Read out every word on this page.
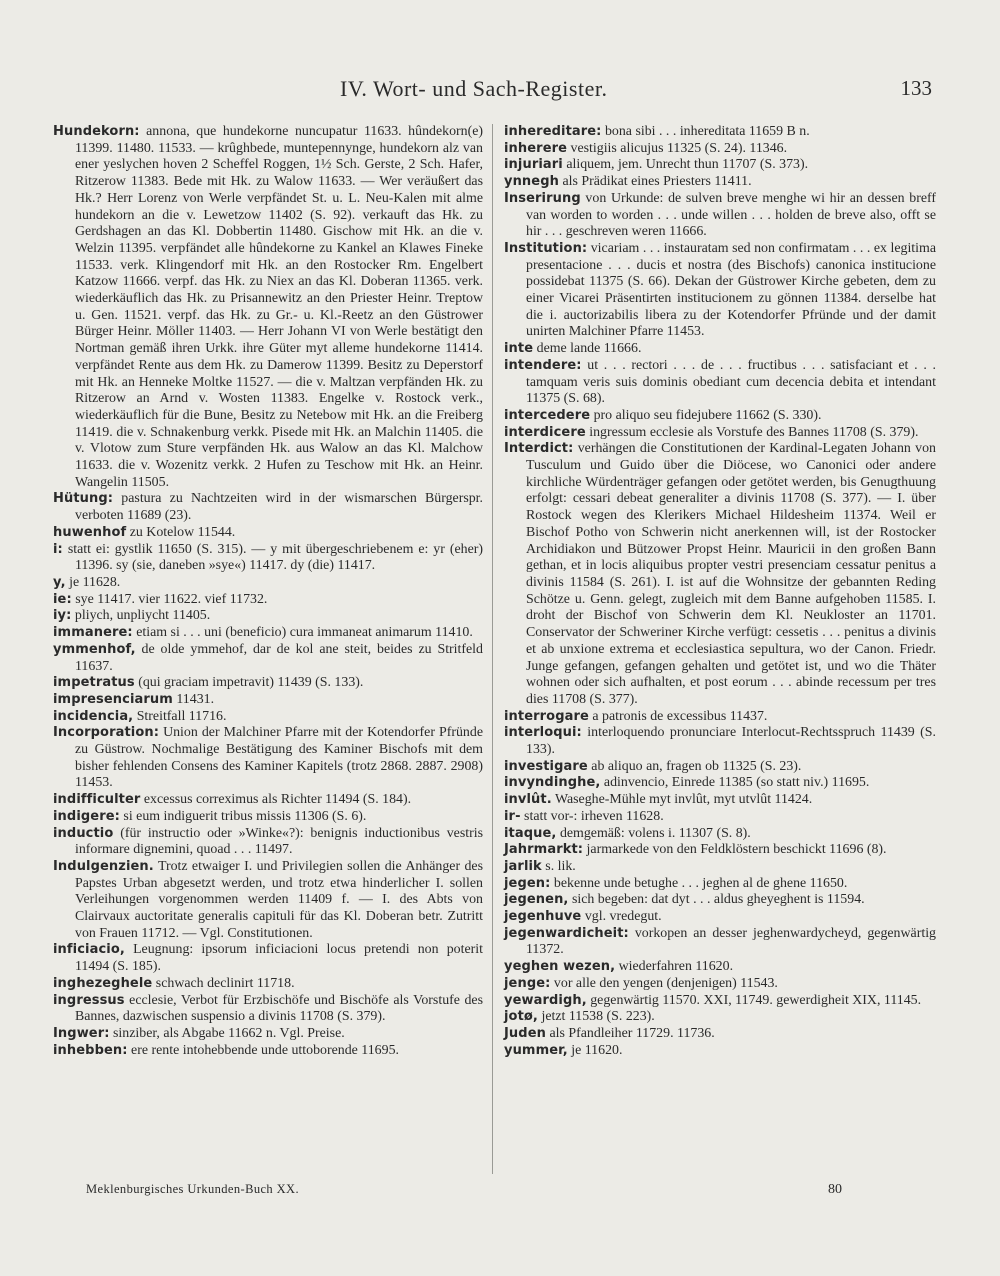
IV. Wort- und Sach-Register.	133

Hundekorn: annona, que hundekorne nuncupatur 11633. hûndekorn(e) 11399. 11480. 11533. — krûghbede, muntepennynge, hundekorn alz van ener yeslychen hoven 2 Scheffel Roggen, 1½ Sch. Gerste, 2 Sch. Hafer, Ritzerow 11383. Bede mit Hk. zu Walow 11633. — Wer veräußert das Hk.? Herr Lorenz von Werle verpfändet St. u. L. Neu-Kalen mit alme hundekorn an die v. Lewetzow 11402 (S. 92). verkauft das Hk. zu Gerdshagen an das Kl. Dobbertin 11480. Gischow mit Hk. an die v. Welzin 11395. verpfändet alle hûndekorne zu Kankel an Klawes Fineke 11533. verk. Klingendorf mit Hk. an den Rostocker Rm. Engelbert Katzow 11666. verpf. das Hk. zu Niex an das Kl. Doberan 11365. verk. wiederkäuflich das Hk. zu Prisannewitz an den Priester Heinr. Treptow u. Gen. 11521. verpf. das Hk. zu Gr.- u. Kl.-Reetz an den Güstrower Bürger Heinr. Möller 11403. — Herr Johann VI von Werle bestätigt den Nortman gemäß ihren Urkk. ihre Güter myt alleme hundekorne 11414. verpfändet Rente aus dem Hk. zu Damerow 11399. Besitz zu Deperstorf mit Hk. an Henneke Moltke 11527. — die v. Maltzan verpfänden Hk. zu Ritzerow an Arnd v. Wosten 11383. Engelke v. Rostock verk., wiederkäuflich für die Bune, Besitz zu Netebow mit Hk. an die Freiberg 11419. die v. Schnakenburg verkk. Pisede mit Hk. an Malchin 11405. die v. Vlotow zum Sture verpfänden Hk. aus Walow an das Kl. Malchow 11633. die v. Wozenitz verkk. 2 Hufen zu Teschow mit Hk. an Heinr. Wangelin 11505.

Hütung: pastura zu Nachtzeiten wird in der wismarschen Bürgerspr. verboten 11689 (23).

huwenhof zu Kotelow 11544.

i: statt ei: gystlik 11650 (S. 315). — y mit übergeschriebenem e: yr (eher) 11396. sy (sie, daneben »sye«) 11417. dy (die) 11417.

y, je 11628.

ie: sye 11417. vier 11622. vief 11732.

iy: pliych, unpliycht 11405.

immanere: etiam si . . . uni (beneficio) cura immaneat animarum 11410.

ymmenhof, de olde ymmehof, dar de kol ane steit, beides zu Stritfeld 11637.

impetratus (qui graciam impetravit) 11439 (S. 133).

impresenciarum 11431.

incidencia, Streitfall 11716.

Incorporation: Union der Malchiner Pfarre mit der Kotendorfer Pfründe zu Güstrow. Nochmalige Bestätigung des Kaminer Bischofs mit dem bisher fehlenden Consens des Kaminer Kapitels (trotz 2868. 2887. 2908) 11453.

indifficulter excessus correximus als Richter 11494 (S. 184).

indigere: si eum indiguerit tribus missis 11306 (S. 6).

inductio (für instructio oder »Winke«?): benignis inductionibus vestris informare dignemini, quoad . . . 11497.

Indulgenzien. Trotz etwaiger I. und Privilegien sollen die Anhänger des Papstes Urban abgesetzt werden, und trotz etwa hinderlicher I. sollen Verleihungen vorgenommen werden 11409 f. — I. des Abts von Clairvaux auctoritate generalis capituli für das Kl. Doberan betr. Zutritt von Frauen 11712. — Vgl. Constitutionen.

inficiacio, Leugnung: ipsorum inficiacioni locus pretendi non poterit 11494 (S. 185).

inghezeghele schwach declinirt 11718.

ingressus ecclesie, Verbot für Erzbischöfe und Bischöfe als Vorstufe des Bannes, dazwischen suspensio a divinis 11708 (S. 379).

Ingwer: sinziber, als Abgabe 11662 n. Vgl. Preise.

inhebben: ere rente intohebbende unde uttoborende 11695.

inhereditare: bona sibi . . . inhereditata 11659 B n.

inherere vestigiis alicujus 11325 (S. 24). 11346.

injuriari aliquem, jem. Unrecht thun 11707 (S. 373).

ynnegh als Prädikat eines Priesters 11411.

Inserirung von Urkunde: de sulven breve menghe wi hir an dessen breff van worden to worden . . . unde willen . . . holden de breve also, offt se hir . . . geschreven weren 11666.

Institution: vicariam . . . instauratam sed non confirmatam . . . ex legitima presentacione . . . ducis et nostra (des Bischofs) canonica institucione possidebat 11375 (S. 66). Dekan der Güstrower Kirche gebeten, dem zu einer Vicarei Präsentirten institucionem zu gönnen 11384. derselbe hat die i. auctorizabilis libera zu der Kotendorfer Pfründe und der damit unirten Malchiner Pfarre 11453.

inte deme lande 11666.

intendere: ut . . . rectori . . . de . . . fructibus . . . satisfaciant et . . . tamquam veris suis dominis obediant cum decencia debita et intendant 11375 (S. 68).

intercedere pro aliquo seu fidejubere 11662 (S. 330).

interdicere ingressum ecclesie als Vorstufe des Bannes 11708 (S. 379).

Interdict: verhängen die Constitutionen der Kardinal-Legaten Johann von Tusculum und Guido über die Diöcese, wo Canonici oder andere kirchliche Würdenträger gefangen oder getötet werden, bis Genugthuung erfolgt: cessari debeat generaliter a divinis 11708 (S. 377). — I. über Rostock wegen des Klerikers Michael Hildesheim 11374. Weil er Bischof Potho von Schwerin nicht anerkennen will, ist der Rostocker Archidiakon und Bützower Propst Heinr. Mauricii in den großen Bann gethan, et in locis aliquibus propter vestri presenciam cessatur penitus a divinis 11584 (S. 261). I. ist auf die Wohnsitze der gebannten Reding Schötze u. Genn. gelegt, zugleich mit dem Banne aufgehoben 11585. I. droht der Bischof von Schwerin dem Kl. Neukloster an 11701. Conservator der Schweriner Kirche verfügt: cessetis . . . penitus a divinis et ab unxione extrema et ecclesiastica sepultura, wo der Canon. Friedr. Junge gefangen, gefangen gehalten und getötet ist, und wo die Thäter wohnen oder sich aufhalten, et post eorum . . . abinde recessum per tres dies 11708 (S. 377).

interrogare a patronis de excessibus 11437.

interloqui: interloquendo pronunciare Interlocut-Rechtsspruch 11439 (S. 133).

investigare ab aliquo an, fragen ob 11325 (S. 23).

invyndinghe, adinvencio, Einrede 11385 (so statt niv.) 11695.

invlût. Waseghe-Mühle myt invlût, myt utvlût 11424.

ir- statt vor-: irheven 11628.

itaque, demgemäß: volens i. 11307 (S. 8).

Jahrmarkt: jarmarkede von den Feldklöstern beschickt 11696 (8).

jarlik s. lik.

jegen: bekenne unde betughe . . . jeghen al de ghene 11650.

jegenen, sich begeben: dat dyt . . . aldus gheyeghent is 11594.

jegenhuve vgl. vredegut.

jegenwardicheit: vorkopen an desser jeghenwardycheyd, gegenwärtig 11372.

yeghen wezen, wiederfahren 11620.

jenge: vor alle den yengen (denjenigen) 11543.

yewardigh, gegenwärtig 11570. XXI, 11749. gewerdigheit XIX, 11145.

jotø, jetzt 11538 (S. 223).

Juden als Pfandleiher 11729. 11736.

yummer, je 11620.

Meklenburgisches Urkunden-Buch XX.	80
